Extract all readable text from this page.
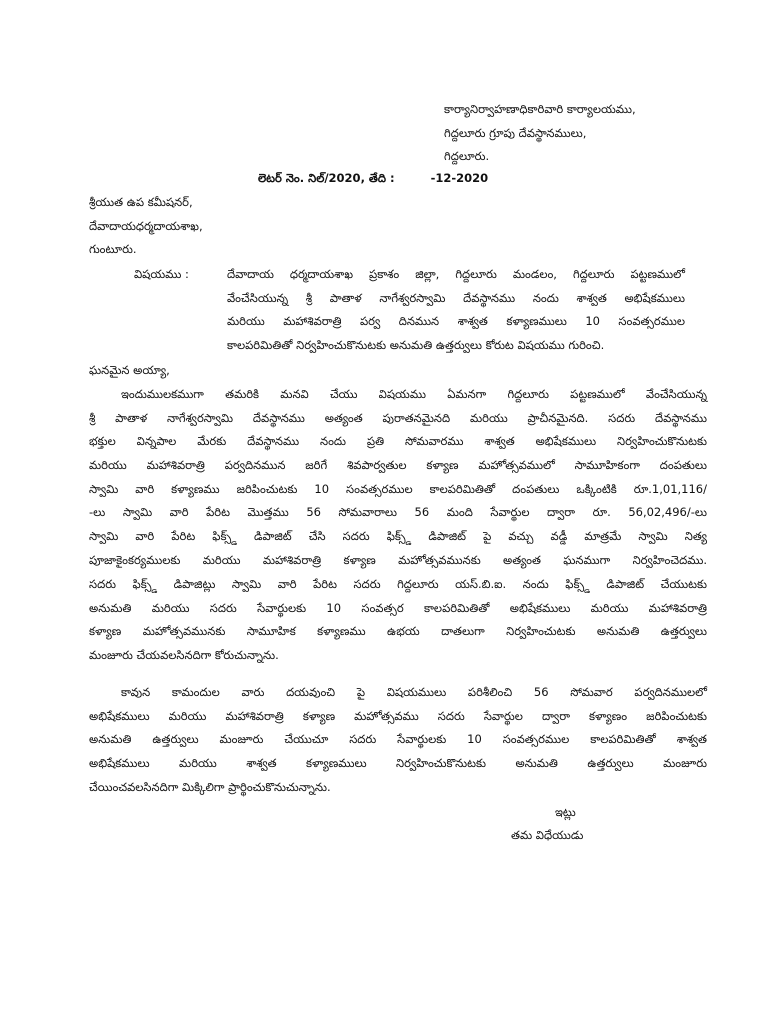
కార్యానిర్వాహణాధికారివారి కార్యాలయము,
గిద్దలూరు గ్రూపు దేవస్థానములు,
గిద్దలూరు.
లెటర్ నెం. నిల్/2020, తేది :	-12-2020
శ్రీయుత ఉప కమీషనర్,
దేవాదాయధర్మదాయశాఖ,
గుంటూరు.
విషయము :	దేవాదాయ ధర్మదాయశాఖ ప్రకాశం జిల్లా, గిద్దలూరు మండలం, గిద్దలూరు పట్టణములో
వేంచేసియున్న శ్రీ పాతాళ నాగేశ్వరస్వామి దేవస్థానము నందు శాశ్వత అభిషేకములు
మరియు మహాశివరాత్రి పర్వ దినమున శాశ్వత కళ్యాణములు 10 సంవత్సరముల
కాలపరిమితితో నిర్వహించుకొనుటకు అనుమతి ఉత్తర్వులు కోరుట విషయము గురించి.
ఘనమైన అయ్యా,
ఇందుములకముగా తమరికి మనవి చేయు విషయము ఏమనగా గిద్దలూరు పట్టణములో వేంచేసియున్న
శ్రీ పాతాళ నాగేశ్వరస్వామి దేవస్థానము అత్యంత పురాతనమైనది మరియు ప్రాచీనమైనది. సదరు దేవస్థానము
భక్తుల విన్నపాల మేరకు దేవస్థానము నందు ప్రతి సోమవారము శాశ్వత అభిషేకములు నిర్వహించుకొనుటకు
మరియు మహాశివరాత్రి పర్వదినమున జరిగే శివపార్వతుల కళ్యాణ మహోత్సవములో సామూహికంగా దంపతులు
స్వామి వారి కళ్యాణము జరిపించుటకు 10 సంవత్సరముల కాలపరిమితితో దంపతులు ఒక్కింటికి రూ.1,01,116/
-లు స్వామి వారి పేరిట మొత్తము 56 సోమవారాలు 56 మంది సేవార్థుల ద్వారా రూ. 56,02,496/-లు
స్వామి వారి పేరిట ఫిక్స్డ్ డిపాజిట్ చేసి సదరు ఫిక్స్డ్ డిపాజిట్ పై వచ్చు వడ్డీ మాత్రమే స్వామి నిత్య
పూజాకైంకర్యములకు మరియు మహాశివరాత్రి కళ్యాణ మహోత్సవమునకు అత్యంత ఘనముగా నిర్వహించెదము.
సదరు ఫిక్స్డ్ డిపాజిట్లు స్వామి వారి పేరిట సదరు గిద్దలూరు యస్.బి.ఐ. నందు ఫిక్స్డ్ డిపాజిట్ చేయుటకు
అనుమతి మరియు సదరు సేవార్థులకు 10 సంవత్సర కాలపరిమితితో అభిషేకములు మరియు మహాశివరాత్రి
కళ్యాణ మహోత్సవమునకు సామూహిక కళ్యాణము ఉభయ దాతలుగా నిర్వహించుటకు అనుమతి ఉత్తర్వులు
మంజూరు చేయవలసినదిగా కోరుచున్నాను.
కావున కామందుల వారు దయవుంచి పై విషయములు పరిశీలించి 56 సోమవార పర్వదినములలో
అభిషేకములు మరియు మహాశివరాత్రి కళ్యాణ మహోత్సవము సదరు సేవార్థుల ద్వారా కళ్యాణం జరిపించుటకు
అనుమతి ఉత్తర్వులు మంజూరు చేయుచూ సదరు సేవార్థులకు 10 సంవత్సరముల కాలపరిమితితో శాశ్వత
అభిషేకములు మరియు శాశ్వత కళ్యాణములు నిర్వహించుకొనుటకు అనుమతి ఉత్తర్వులు మంజూరు
చేయించవలసినదిగా మిక్కిలిగా ప్రార్థించుకొనుచున్నాను.
ఇట్లు
తమ విధేయుడు
